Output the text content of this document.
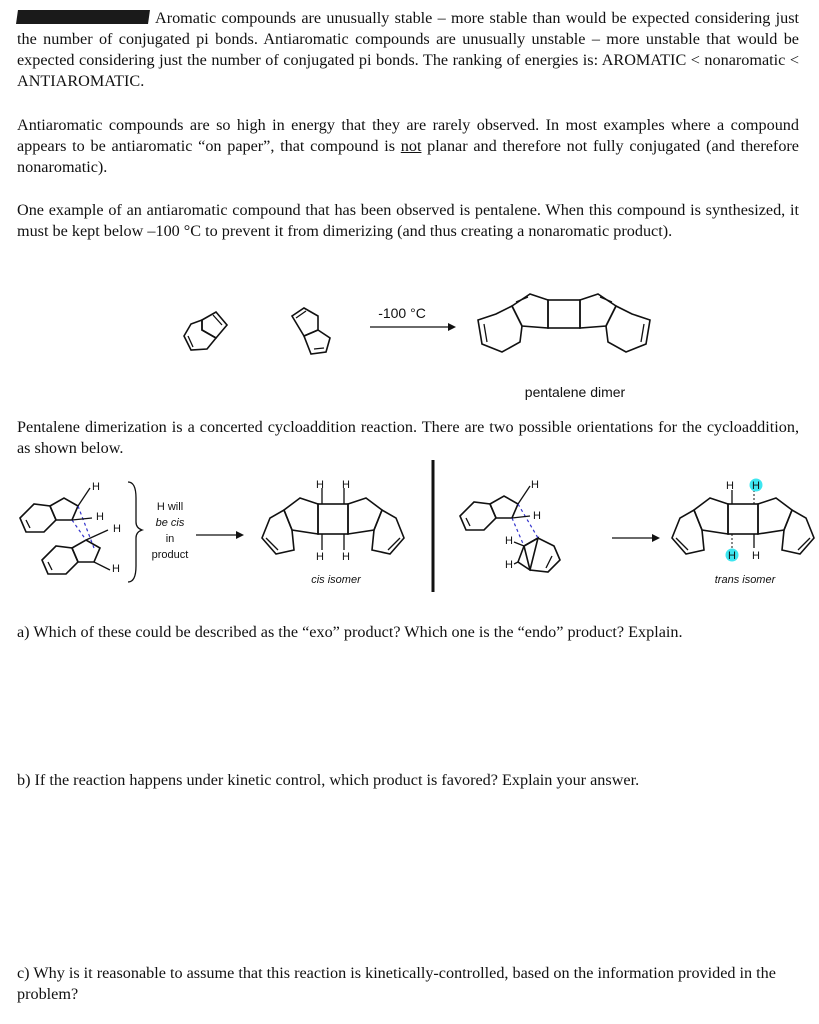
Aromatic compounds are unusually stable – more stable than would be expected considering just the number of conjugated pi bonds. Antiaromatic compounds are unusually unstable – more unstable that would be expected considering just the number of conjugated pi bonds. The ranking of energies is: AROMATIC < nonaromatic < ANTIAROMATIC.

Antiaromatic compounds are so high in energy that they are rarely observed. In most examples where a compound appears to be antiaromatic “on paper”, that compound is not planar and therefore not fully conjugated (and therefore nonaromatic).

One example of an antiaromatic compound that has been observed is pentalene. When this compound is synthesized, it must be kept below –100 °C to prevent it from dimerizing (and thus creating a nonaromatic product).

-100 °C
pentalene dimer

Pentalene dimerization is a concerted cycloaddition reaction. There are two possible orientations for the cycloaddition, as shown below.

H
H
H
H
H will
be cis
in
product
H H
H H
cis isomer
H
H
H
H
H H
H H
trans isomer

a) Which of these could be described as the “exo” product? Which one is the “endo” product? Explain.

b) If the reaction happens under kinetic control, which product is favored? Explain your answer.

c) Why is it reasonable to assume that this reaction is kinetically-controlled, based on the information provided in the problem?
